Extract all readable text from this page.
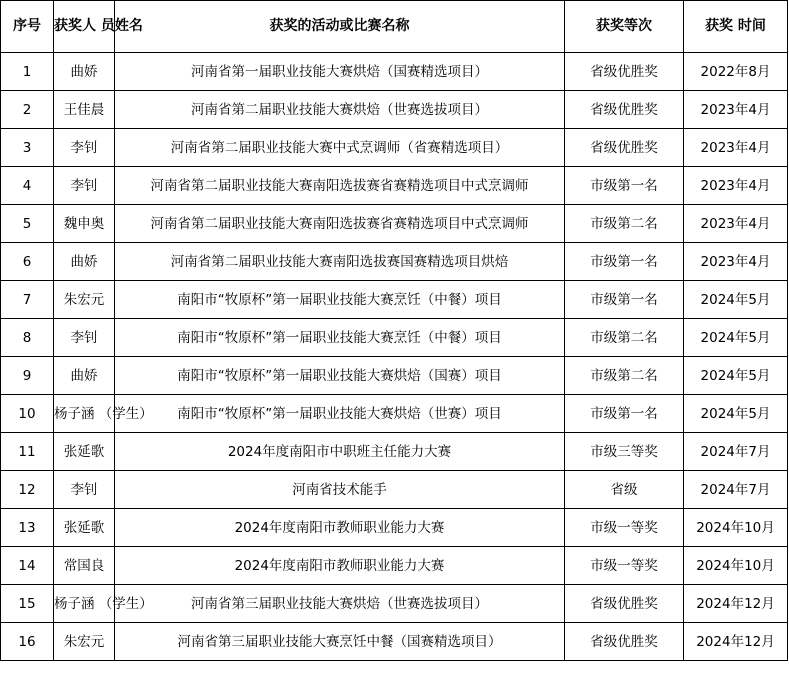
序号	获奖人 员姓名	获奖的活动或比赛名称	获奖等次	获奖 时间
1	曲娇	河南省第一届职业技能大赛烘焙（国赛精选项目）	省级优胜奖	2022年8月
2	王佳晨	河南省第二届职业技能大赛烘焙（世赛选拔项目）	省级优胜奖	2023年4月
3	李钊	河南省第二届职业技能大赛中式烹调师（省赛精选项目）	省级优胜奖	2023年4月
4	李钊	河南省第二届职业技能大赛南阳选拔赛省赛精选项目中式烹调师	市级第一名	2023年4月
5	魏申奥	河南省第二届职业技能大赛南阳选拔赛省赛精选项目中式烹调师	市级第二名	2023年4月
6	曲娇	河南省第二届职业技能大赛南阳选拔赛国赛精选项目烘焙	市级第一名	2023年4月
7	朱宏元	南阳市“牧原杯”第一届职业技能大赛烹饪（中餐）项目	市级第一名	2024年5月
8	李钊	南阳市“牧原杯”第一届职业技能大赛烹饪（中餐）项目	市级第二名	2024年5月
9	曲娇	南阳市“牧原杯”第一届职业技能大赛烘焙（国赛）项目	市级第二名	2024年5月
10	杨子涵 （学生）	南阳市“牧原杯”第一届职业技能大赛烘焙（世赛）项目	市级第一名	2024年5月
11	张延歌	2024年度南阳市中职班主任能力大赛	市级三等奖	2024年7月
12	李钊	河南省技术能手	省级	2024年7月
13	张延歌	2024年度南阳市教师职业能力大赛	市级一等奖	2024年10月
14	常国良	2024年度南阳市教师职业能力大赛	市级一等奖	2024年10月
15	杨子涵 （学生）	河南省第三届职业技能大赛烘焙（世赛选拔项目）	省级优胜奖	2024年12月
16	朱宏元	河南省第三届职业技能大赛烹饪中餐（国赛精选项目）	省级优胜奖	2024年12月
